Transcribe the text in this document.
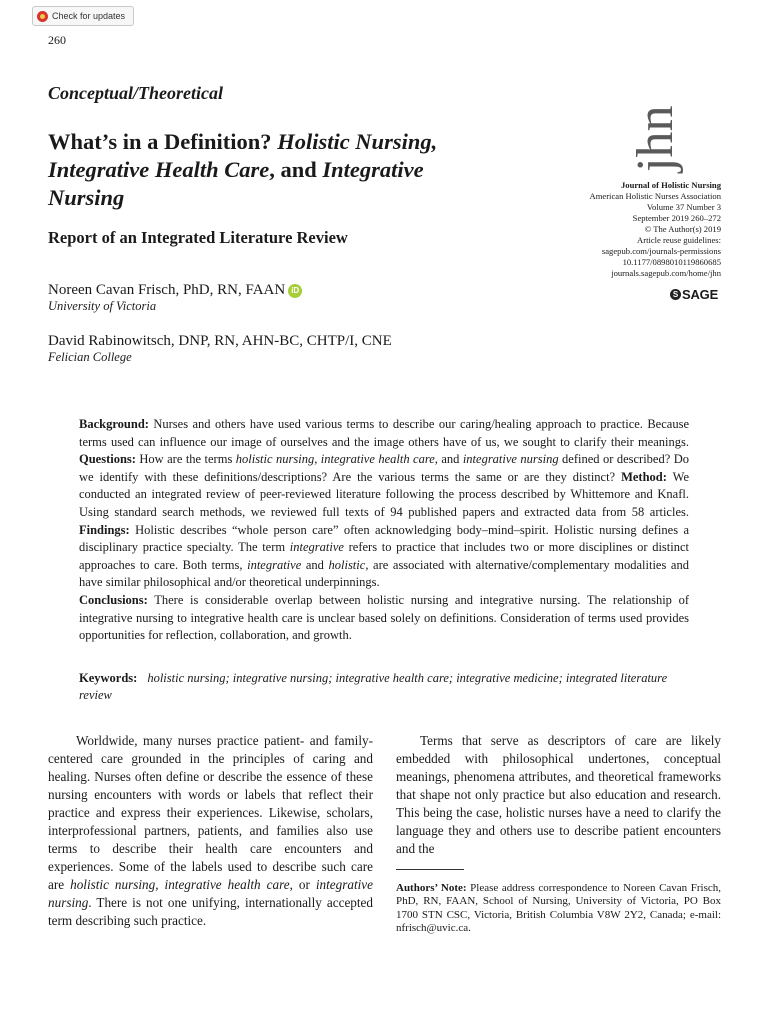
Check for updates
260
Conceptual/Theoretical
What’s in a Definition? Holistic Nursing,
Integrative Health Care, and Integrative
Nursing
Report of an Integrated Literature Review
Noreen Cavan Frisch, PhD, RN, FAAN iD
University of Victoria
David Rabinowitsch, DNP, RN, AHN-BC, CHTP/I, CNE
Felician College
jhn
Journal of Holistic Nursing
American Holistic Nurses Association
Volume 37 Number 3
September 2019 260–272
© The Author(s) 2019
Article reuse guidelines:
sagepub.com/journals-permissions
10.1177/0898010119860685
journals.sagepub.com/home/jhn
S SAGE
Background: Nurses and others have used various terms to describe our caring/healing approach to practice. Because terms used can influence our image of ourselves and the image others have of us, we sought to clarify their meanings. Questions: How are the terms holistic nursing, integrative health care, and integrative nursing defined or described? Do we identify with these definitions/descriptions? Are the various terms the same or are they distinct? Method: We conducted an integrated review of peer-reviewed literature following the process described by Whittemore and Knafl. Using standard search methods, we reviewed full texts of 94 published papers and extracted data from 58 articles. Findings: Holistic describes “whole person care” often acknowledging body–mind–spirit. Holistic nursing defines a disciplinary practice specialty. The term integrative refers to practice that includes two or more disciplines or distinct approaches to care. Both terms, integrative and holistic, are associated with alternative/complementary modalities and have similar philosophical and/or theoretical underpinnings.
Conclusions: There is considerable overlap between holistic nursing and integrative nursing. The relationship of integrative nursing to integrative health care is unclear based solely on definitions. Consideration of terms used provides opportunities for reflection, collaboration, and growth.
Keywords: holistic nursing; integrative nursing; integrative health care; integrative medicine; integrated literature review
Worldwide, many nurses practice patient- and family-centered care grounded in the principles of caring and healing. Nurses often define or describe the essence of these nursing encounters with words or labels that reflect their practice and express their experiences. Likewise, scholars, interprofessional partners, patients, and families also use terms to describe their health care encounters and experiences. Some of the labels used to describe such care are holistic nursing, integrative health care, or integrative nursing. There is not one unifying, internationally accepted term describing such practice.
Terms that serve as descriptors of care are likely embedded with philosophical undertones, conceptual meanings, phenomena attributes, and theoretical frameworks that shape not only practice but also education and research. This being the case, holistic nurses have a need to clarify the language they and others use to describe patient encounters and the
Authors’ Note: Please address correspondence to Noreen Cavan Frisch, PhD, RN, FAAN, School of Nursing, University of Victoria, PO Box 1700 STN CSC, Victoria, British Columbia V8W 2Y2, Canada; e-mail: nfrisch@uvic.ca.
